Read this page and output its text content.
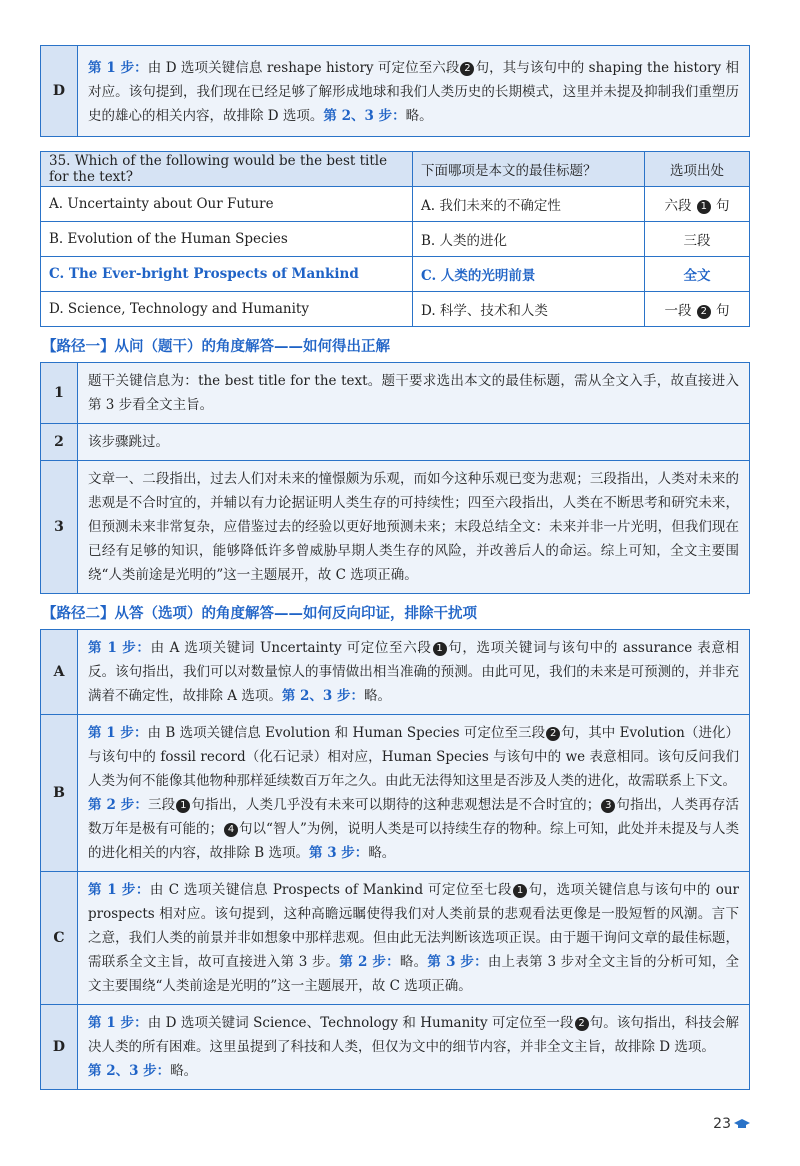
D	第 1 步：由 D 选项关键信息 reshape history 可定位至六段 2 句，其与该句中的 shaping the history 相对应。该句提到，我们现在已经足够了解形成地球和我们人类历史的长期模式，这里并未提及抑制我们重塑历史的雄心的相关内容，故排除 D 选项。第 2、3 步：略。
35. Which of the following would be the best title for the text?	下面哪项是本文的最佳标题？	选项出处
A. Uncertainty about Our Future	A. 我们未来的不确定性	六段 1 句
B. Evolution of the Human Species	B. 人类的进化	三段
C. The Ever-bright Prospects of Mankind	C. 人类的光明前景	全文
D. Science, Technology and Humanity	D. 科学、技术和人类	一段 2 句
【路径一】从问（题干）的角度解答——如何得出正解
1	题干关键信息为：the best title for the text。题干要求选出本文的最佳标题，需从全文入手，故直接进入第 3 步看全文主旨。
2	该步骤跳过。
3	文章一、二段指出，过去人们对未来的憧憬颇为乐观，而如今这种乐观已变为悲观；三段指出，人类对未来的悲观是不合时宜的，并辅以有力论据证明人类生存的可持续性；四至六段指出，人类在不断思考和研究未来，但预测未来非常复杂，应借鉴过去的经验以更好地预测未来；末段总结全文：未来并非一片光明，但我们现在已经有足够的知识，能够降低许多曾威胁早期人类生存的风险，并改善后人的命运。综上可知，全文主要围绕“人类前途是光明的”这一主题展开，故 C 选项正确。
【路径二】从答（选项）的角度解答——如何反向印证，排除干扰项
A	第 1 步：由 A 选项关键词 Uncertainty 可定位至六段 1 句，选项关键词与该句中的 assurance 表意相反。该句指出，我们可以对数量惊人的事情做出相当准确的预测。由此可见，我们的未来是可预测的，并非充满着不确定性，故排除 A 选项。第 2、3 步：略。
B	第 1 步：由 B 选项关键信息 Evolution 和 Human Species 可定位至三段 2 句，其中 Evolution（进化）与该句中的 fossil record（化石记录）相对应，Human Species 与该句中的 we 表意相同。该句反问我们人类为何不能像其他物种那样延续数百万年之久。由此无法得知这里是否涉及人类的进化，故需联系上下文。
第 2 步：三段 1 句指出，人类几乎没有未来可以期待的这种悲观想法是不合时宜的； 3 句指出，人类再存活数万年是极有可能的； 4 句以“智人”为例，说明人类是可以持续生存的物种。综上可知，此处并未提及与人类的进化相关的内容，故排除 B 选项。第 3 步：略。
C	第 1 步：由 C 选项关键信息 Prospects of Mankind 可定位至七段 1 句，选项关键信息与该句中的 our prospects 相对应。该句提到，这种高瞻远瞩使得我们对人类前景的悲观看法更像是一股短暂的风潮。言下之意，我们人类的前景并非如想象中那样悲观。但由此无法判断该选项正误。由于题干询问文章的最佳标题，需联系全文主旨，故可直接进入第 3 步。第 2 步：略。第 3 步：由上表第 3 步对全文主旨的分析可知，全文主要围绕“人类前途是光明的”这一主题展开，故 C 选项正确。
D	第 1 步：由 D 选项关键词 Science、Technology 和 Humanity 可定位至一段 2 句。该句指出，科技会解决人类的所有困难。这里虽提到了科技和人类，但仅为文中的细节内容，并非全文主旨，故排除 D 选项。
第 2、3 步：略。
23
